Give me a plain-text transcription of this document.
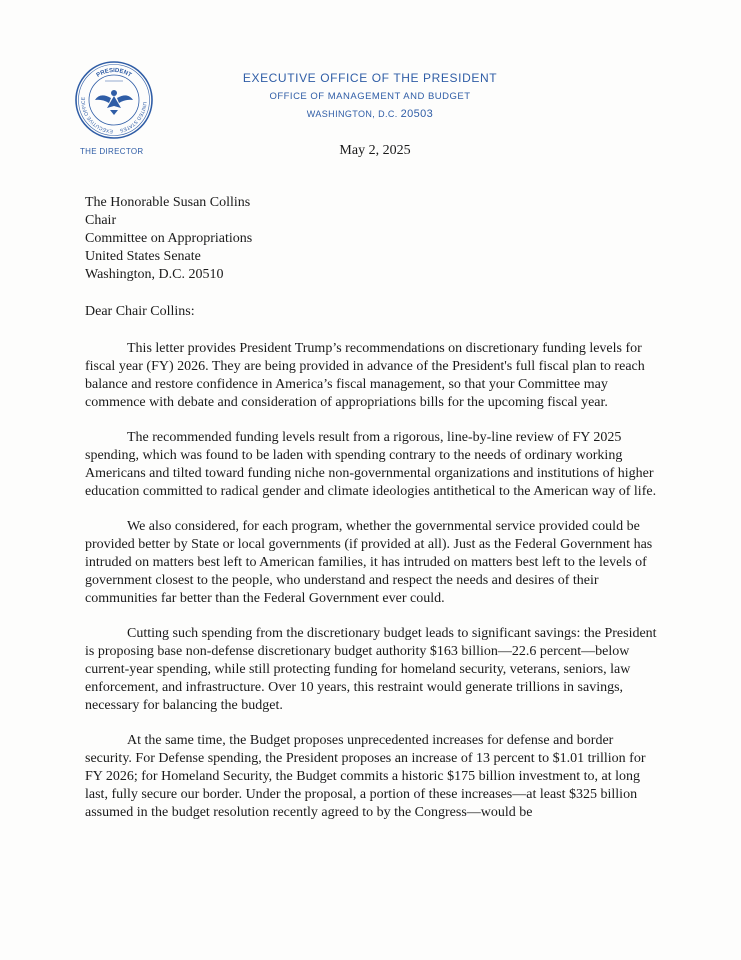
PRESIDENT
EXECUTIVE OFFICE
UNITED STATES
EXECUTIVE OFFICE OF THE PRESIDENT
OFFICE OF MANAGEMENT AND BUDGET
WASHINGTON, D.C. 20503
THE DIRECTOR	May 2, 2025
The Honorable Susan Collins
Chair
Committee on Appropriations
United States Senate
Washington, D.C. 20510
Dear Chair Collins:

This letter provides President Trump’s recommendations on discretionary funding levels for fiscal year (FY) 2026. They are being provided in advance of the President's full fiscal plan to reach balance and restore confidence in America’s fiscal management, so that your Committee may commence with debate and consideration of appropriations bills for the upcoming fiscal year.

The recommended funding levels result from a rigorous, line-by-line review of FY 2025 spending, which was found to be laden with spending contrary to the needs of ordinary working Americans and tilted toward funding niche non-governmental organizations and institutions of higher education committed to radical gender and climate ideologies antithetical to the American way of life.

We also considered, for each program, whether the governmental service provided could be provided better by State or local governments (if provided at all). Just as the Federal Government has intruded on matters best left to American families, it has intruded on matters best left to the levels of government closest to the people, who understand and respect the needs and desires of their communities far better than the Federal Government ever could.

Cutting such spending from the discretionary budget leads to significant savings: the President is proposing base non-defense discretionary budget authority $163 billion—22.6 percent—below current-year spending, while still protecting funding for homeland security, veterans, seniors, law enforcement, and infrastructure. Over 10 years, this restraint would generate trillions in savings, necessary for balancing the budget.

At the same time, the Budget proposes unprecedented increases for defense and border security. For Defense spending, the President proposes an increase of 13 percent to $1.01 trillion for FY 2026; for Homeland Security, the Budget commits a historic $175 billion investment to, at long last, fully secure our border. Under the proposal, a portion of these increases—at least $325 billion assumed in the budget resolution recently agreed to by the Congress—would be
